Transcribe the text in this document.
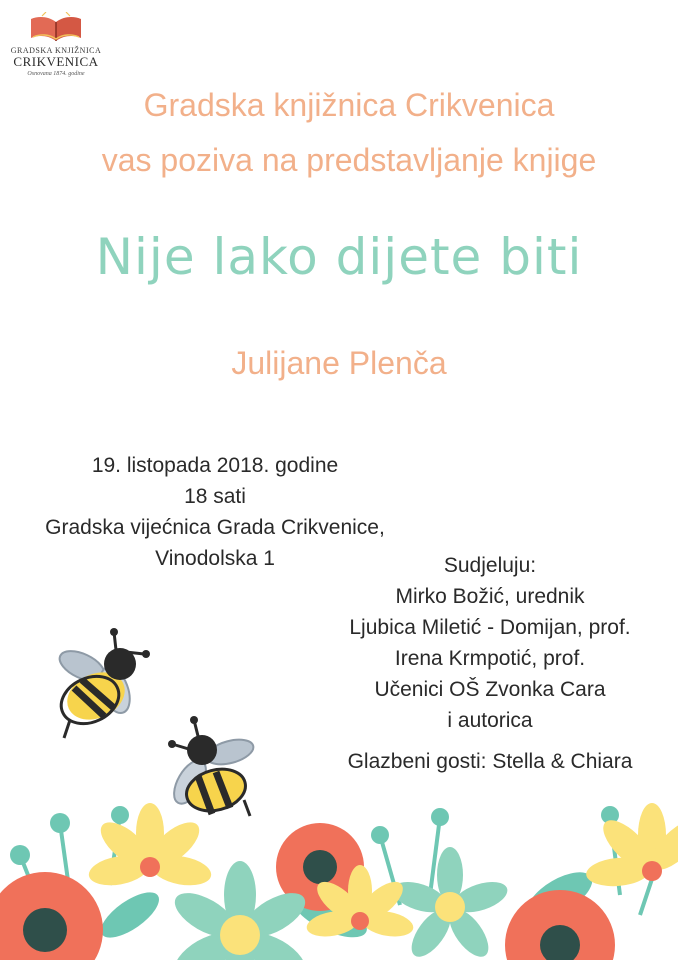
GRADSKA KNJIŽNICA
CRIKVENICA
Osnovana 1874. godine
Gradska knjižnica Crikvenica
vas poziva na predstavljanje knjige
Nije lako dijete biti
Julijane Plenča
19. listopada 2018. godine
18 sati
Gradska vijećnica Grada Crikvenice,
Vinodolska 1	Sudjeluju:
Mirko Božić, urednik
Ljubica Miletić - Domijan, prof.
Irena Krmpotić, prof.
Učenici OŠ Zvonka Cara
i autorica
Glazbeni gosti: Stella & Chiara
